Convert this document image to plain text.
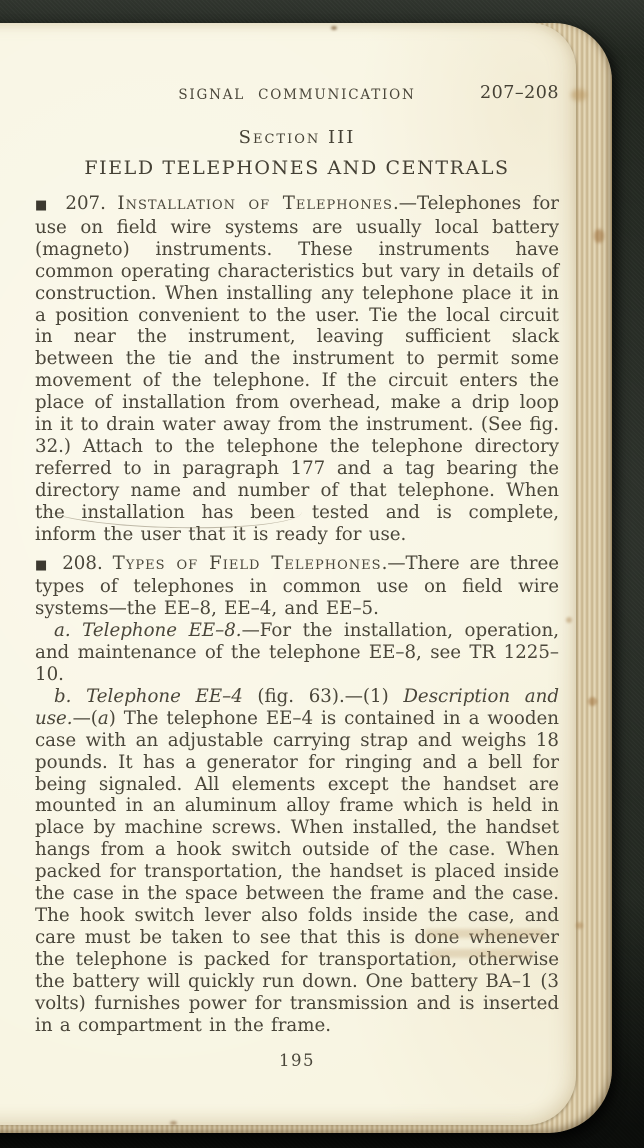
SIGNAL COMMUNICATION	207–208
Section III
FIELD TELEPHONES AND CENTRALS

■ 207. Installation of Telephones.—Telephones for use on field wire systems are usually local battery (magneto) instruments. These instruments have common operating characteristics but vary in details of construction. When installing any telephone place it in a position convenient to the user. Tie the local circuit in near the instrument, leaving sufficient slack between the tie and the instrument to permit some movement of the telephone. If the circuit enters the place of installation from overhead, make a drip loop in it to drain water away from the instrument. (See fig. 32.) Attach to the telephone the telephone directory referred to in paragraph 177 and a tag bearing the directory name and number of that telephone. When the installation has been tested and is complete, inform the user that it is ready for use.

■ 208. Types of Field Telephones.—There are three types of telephones in common use on field wire systems—the EE–8, EE–4, and EE–5.

a. Telephone EE–8.—For the installation, operation, and maintenance of the telephone EE–8, see TR 1225–10.

b. Telephone EE–4 (fig. 63).—(1) Description and use.—(a) The telephone EE–4 is contained in a wooden case with an adjustable carrying strap and weighs 18 pounds. It has a generator for ringing and a bell for being signaled. All elements except the handset are mounted in an aluminum alloy frame which is held in place by machine screws. When installed, the handset hangs from a hook switch outside of the case. When packed for transportation, the handset is placed inside the case in the space between the frame and the case. The hook switch lever also folds inside the case, and care must be taken to see that this is done whenever the telephone is packed for transportation, otherwise the battery will quickly run down. One battery BA–1 (3 volts) furnishes power for transmission and is inserted in a compartment in the frame.

195
